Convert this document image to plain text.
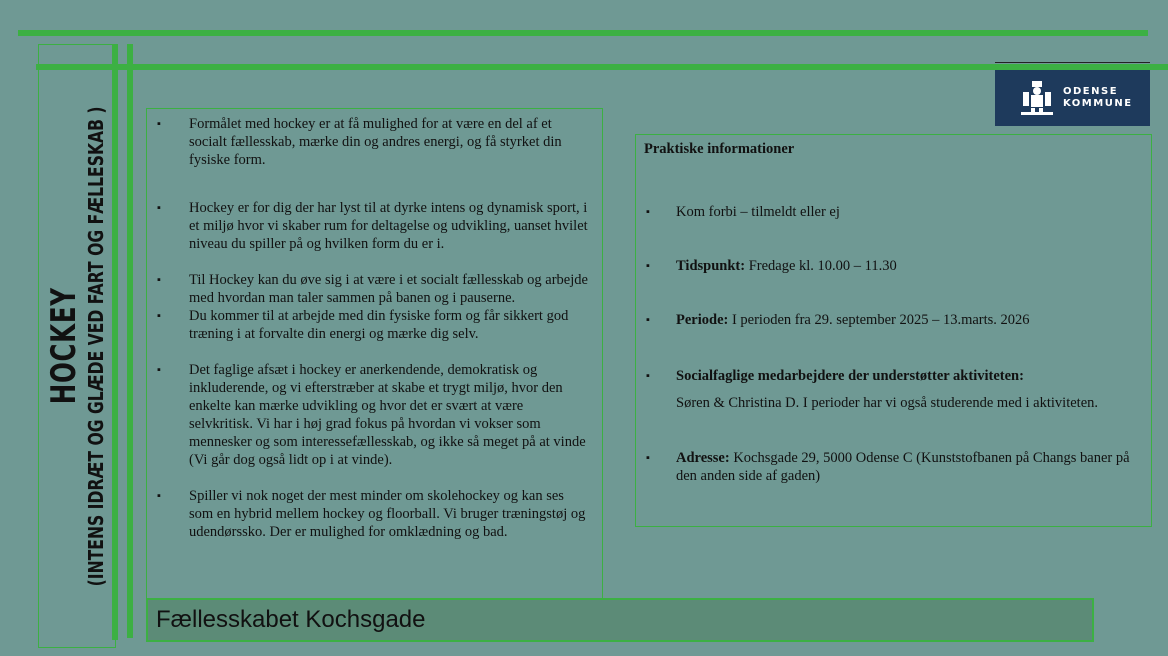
HOCKEY (INTENS IDRÆT OG GLÆDE VED FART OG FÆLLESKAB )	▪ Formålet med hockey er at få mulighed for at være en del af et socialt fællesskab, mærke din og andres energi, og få styrket din fysiske form.
▪ Hockey er for dig der har lyst til at dyrke intens og dynamisk sport, i et miljø hvor vi skaber rum for deltagelse og udvikling, uanset hvilet niveau du spiller på og hvilken form du er i.
▪ Til Hockey kan du øve sig i at være i et socialt fællesskab og arbejde med hvordan man taler sammen på banen og i pauserne.
▪ Du kommer til at arbejde med din fysiske form og får sikkert god træning i at forvalte din energi og mærke dig selv.
▪ Det faglige afsæt i hockey er anerkendende, demokratisk og inkluderende, og vi efterstræber at skabe et trygt miljø, hvor den enkelte kan mærke udvikling og hvor det er svært at være selvkritisk. Vi har i høj grad fokus på hvordan vi vokser som mennesker og som interessefællesskab, og ikke så meget på at vinde (Vi går dog også lidt op i at vinde).
▪ Spiller vi nok noget der mest minder om skolehockey og kan ses som en hybrid mellem hockey og floorball. Vi bruger træningstøj og udendørssko. Der er mulighed for omklædning og bad.

Praktiske informationer

▪ Kom forbi – tilmeldt eller ej
▪ Tidspunkt: Fredage kl. 10.00 – 11.30
▪ Periode: I perioden fra 29. september 2025 – 13.marts. 2026
▪ Socialfaglige medarbejdere der understøtter aktiviteten:
Søren & Christina D. I perioder har vi også studerende med i aktiviteten.
▪ Adresse: Kochsgade 29, 5000 Odense C (Kunststofbanen på Changs baner på den anden side af gaden)
ODENSE
KOMMUNE
Fællesskabet Kochsgade
